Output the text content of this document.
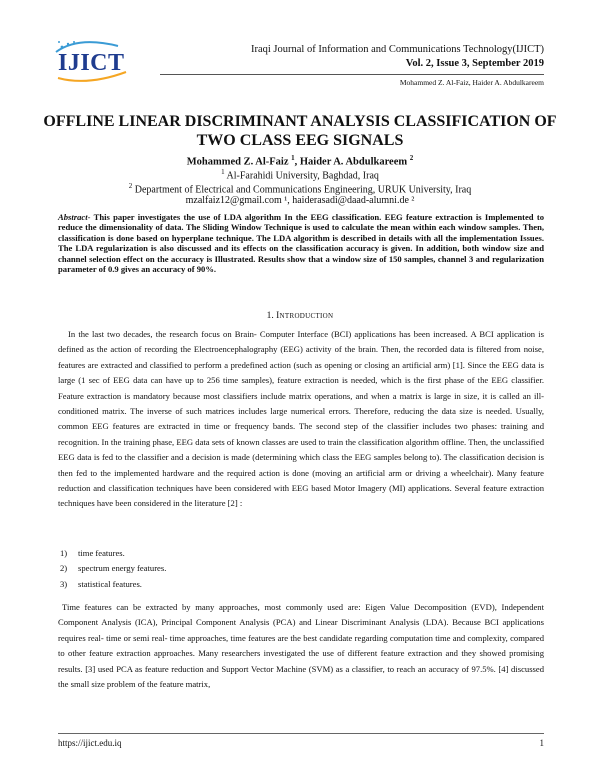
IJICT
Iraqi Journal of Information and Communications Technology(IJICT)
Vol. 2, Issue 3, September 2019
Mohammed Z. Al-Faiz, Haider A. Abdulkareem
OFFLINE LINEAR DISCRIMINANT ANALYSIS CLASSIFICATION OF TWO CLASS EEG SIGNALS
Mohammed Z. Al-Faiz $^1$, Haider A. Abdulkareem $^2$
$^1$ Al-Farahidi University, Baghdad, Iraq
$^2$ Department of Electrical and Communications Engineering, URUK University, Iraq
mzalfaiz12@gmail.com ¹, haiderasadi@daad-alumni.de ²
Abstract- This paper investigates the use of LDA algorithm In the EEG classification. EEG feature extraction is Implemented to reduce the dimensionality of data. The Sliding Window Technique is used to calculate the mean within each window samples. Then, classification is done based on hyperplane technique. The LDA algorithm is described in details with all the implementation Issues. The LDA regularization is also discussed and its effects on the classification accuracy is given. In addition, both window size and channel selection effect on the accuracy is Illustrated. Results show that a window size of 150 samples, channel 3 and regularization parameter of 0.9 gives an accuracy of 90%.
1. Introduction
In the last two decades, the research focus on Brain- Computer Interface (BCI) applications has been increased. A BCI application is defined as the action of recording the Electroencephalography (EEG) activity of the brain. Then, the recorded data is filtered from noise, features are extracted and classified to perform a predefined action (such as opening or closing an artificial arm) [1]. Since the EEG data is large (1 sec of EEG data can have up to 256 time samples), feature extraction is needed, which is the first phase of the EEG classifier. Feature extraction is mandatory because most classifiers include matrix operations, and when a matrix is large in size, it is called an ill-conditioned matrix. The inverse of such matrices includes large numerical errors. Therefore, reducing the data size is needed. Usually, common EEG features are extracted in time or frequency bands. The second step of the classifier includes two phases: training and recognition. In the training phase, EEG data sets of known classes are used to train the classification algorithm offline. Then, the unclassified EEG data is fed to the classifier and a decision is made (determining which class the EEG samples belong to). The classification decision is then fed to the implemented hardware and the required action is done (moving an artificial arm or driving a wheelchair). Many feature reduction and classification techniques have been considered with EEG based Motor Imagery (MI) applications. Several feature extraction techniques have been considered in the literature [2] :
1) time features.
2) spectrum energy features.
3) statistical features.
Time features can be extracted by many approaches, most commonly used are: Eigen Value Decomposition (EVD), Independent Component Analysis (ICA), Principal Component Analysis (PCA) and Linear Discriminant Analysis (LDA). Because BCI applications requires real- time or semi real- time approaches, time features are the best candidate regarding computation time and complexity, compared to other feature extraction approaches. Many researchers investigated the use of different feature extraction and they showed promising results. [3] used PCA as feature reduction and Support Vector Machine (SVM) as a classifier, to reach an accuracy of 97.5%. [4] discussed the small size problem of the feature matrix,
https://ijict.edu.iq	1
